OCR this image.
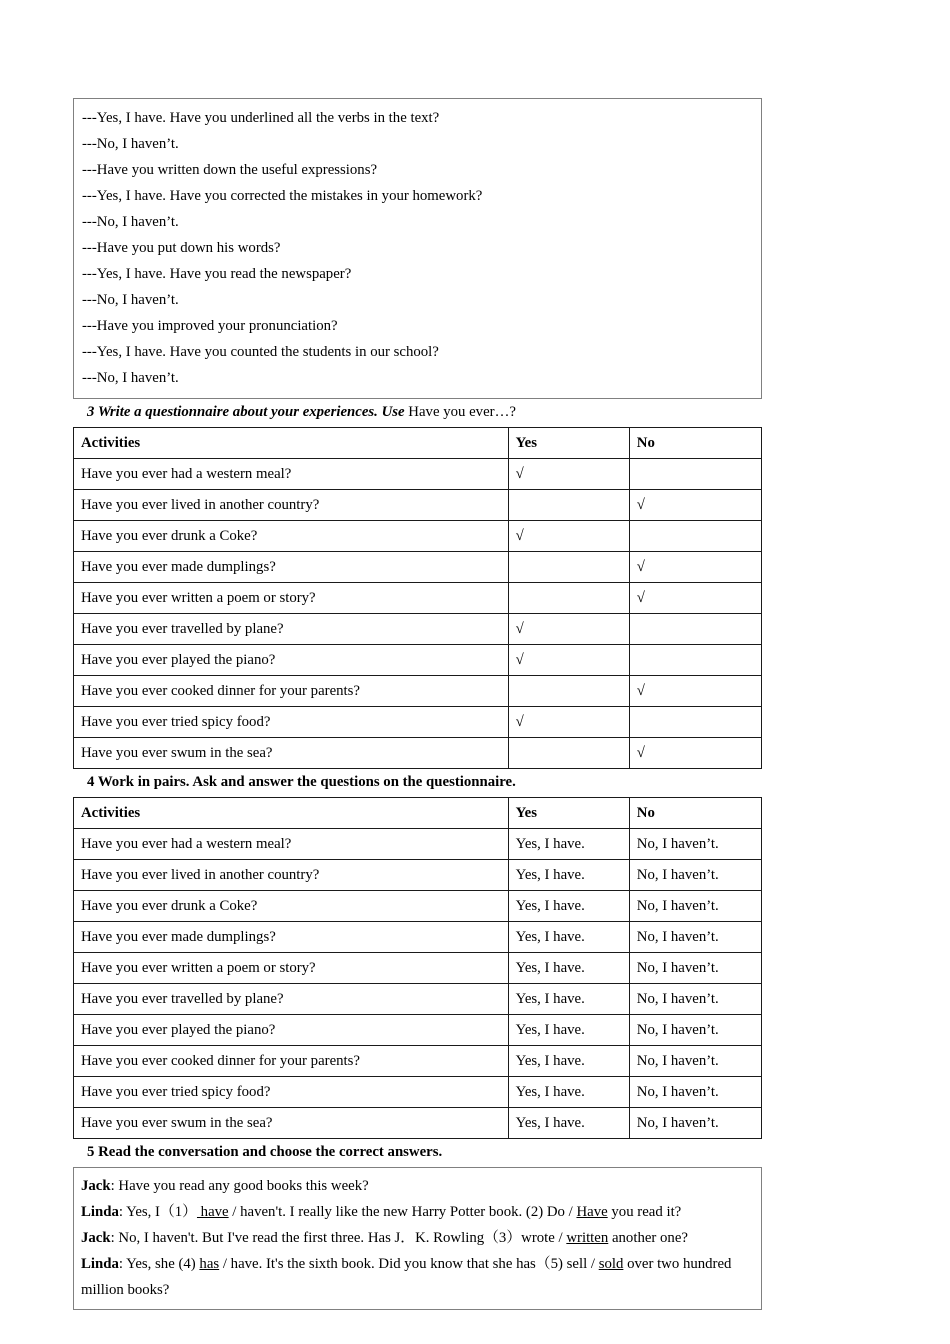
---Yes, I have. Have you underlined all the verbs in the text?
---No, I haven’t.
---Have you written down the useful expressions?
---Yes, I have. Have you corrected the mistakes in your homework?
---No, I haven’t.
---Have you put down his words?
---Yes, I have. Have you read the newspaper?
---No, I haven’t.
---Have you improved your pronunciation?
---Yes, I have. Have you counted the students in our school?
---No, I haven’t.
3 Write a questionnaire about your experiences. Use Have you ever…?
Activities	Yes	No
Have you ever had a western meal?	√	
Have you ever lived in another country?		√
Have you ever drunk a Coke?	√	
Have you ever made dumplings?		√
Have you ever written a poem or story?		√
Have you ever travelled by plane?	√	
Have you ever played the piano?	√	
Have you ever cooked dinner for your parents?		√
Have you ever tried spicy food?	√	
Have you ever swum in the sea?		√
4 Work in pairs. Ask and answer the questions on the questionnaire.
Activities	Yes	No
Have you ever had a western meal?	Yes, I have.	No, I haven’t.
Have you ever lived in another country?	Yes, I have.	No, I haven’t.
Have you ever drunk a Coke?	Yes, I have.	No, I haven’t.
Have you ever made dumplings?	Yes, I have.	No, I haven’t.
Have you ever written a poem or story?	Yes, I have.	No, I haven’t.
Have you ever travelled by plane?	Yes, I have.	No, I haven’t.
Have you ever played the piano?	Yes, I have.	No, I haven’t.
Have you ever cooked dinner for your parents?	Yes, I have.	No, I haven’t.
Have you ever tried spicy food?	Yes, I have.	No, I haven’t.
Have you ever swum in the sea?	Yes, I have.	No, I haven’t.
5 Read the conversation and choose the correct answers.
Jack: Have you read any good books this week?
Linda: Yes, I（1） have / haven't. I really like the new Harry Potter book. (2) Do / Have you read it?
Jack: No, I haven't. But I've read the first three. Has J．K. Rowling（3）wrote / written another one?
Linda: Yes, she (4) has / have. It's the sixth book. Did you know that she has（5) sell / sold over two hundred million books?
